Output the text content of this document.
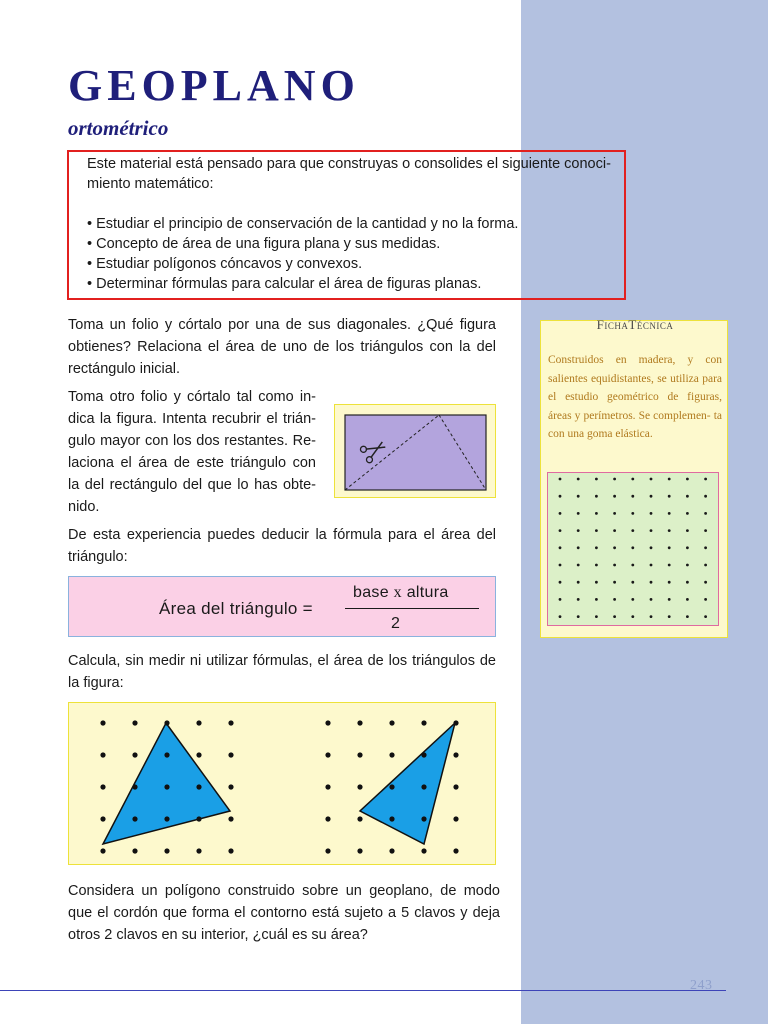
GEOPLANO
ortométrico

Este material está pensado para que construyas o consolides el siguiente conoci- miento matemático:

• Estudiar el principio de conservación de la cantidad y no la forma.
• Concepto de área de una figura plana y sus medidas.
• Estudiar polígonos cóncavos y convexos.
• Determinar fórmulas para calcular el área de figuras planas.

Toma un folio y córtalo por una de sus diagonales. ¿Qué figura obtienes? Relaciona el área de uno de los triángulos con la del rectángulo inicial.

Toma otro folio y córtalo tal como in- dica la figura. Intenta recubrir el trián- gulo mayor con los dos restantes. Re- laciona el área de este triángulo con la del rectángulo del que lo has obte- nido.

De esta experiencia puedes deducir la fórmula para el área del triángulo:

Área del triángulo =
base x altura
2

Calcula, sin medir ni utilizar fórmulas, el área de los triángulos de la figura:

Considera un polígono construido sobre un geoplano, de modo que el cordón que forma el contorno está sujeto a 5 clavos y deja otros 2 clavos en su interior, ¿cuál es su área?

FichaTécnica
Construidos en madera, y con salientes equidistantes, se utiliza para el estudio geométrico de figuras, áreas y perímetros. Se complemen- ta con una goma elástica.
243
